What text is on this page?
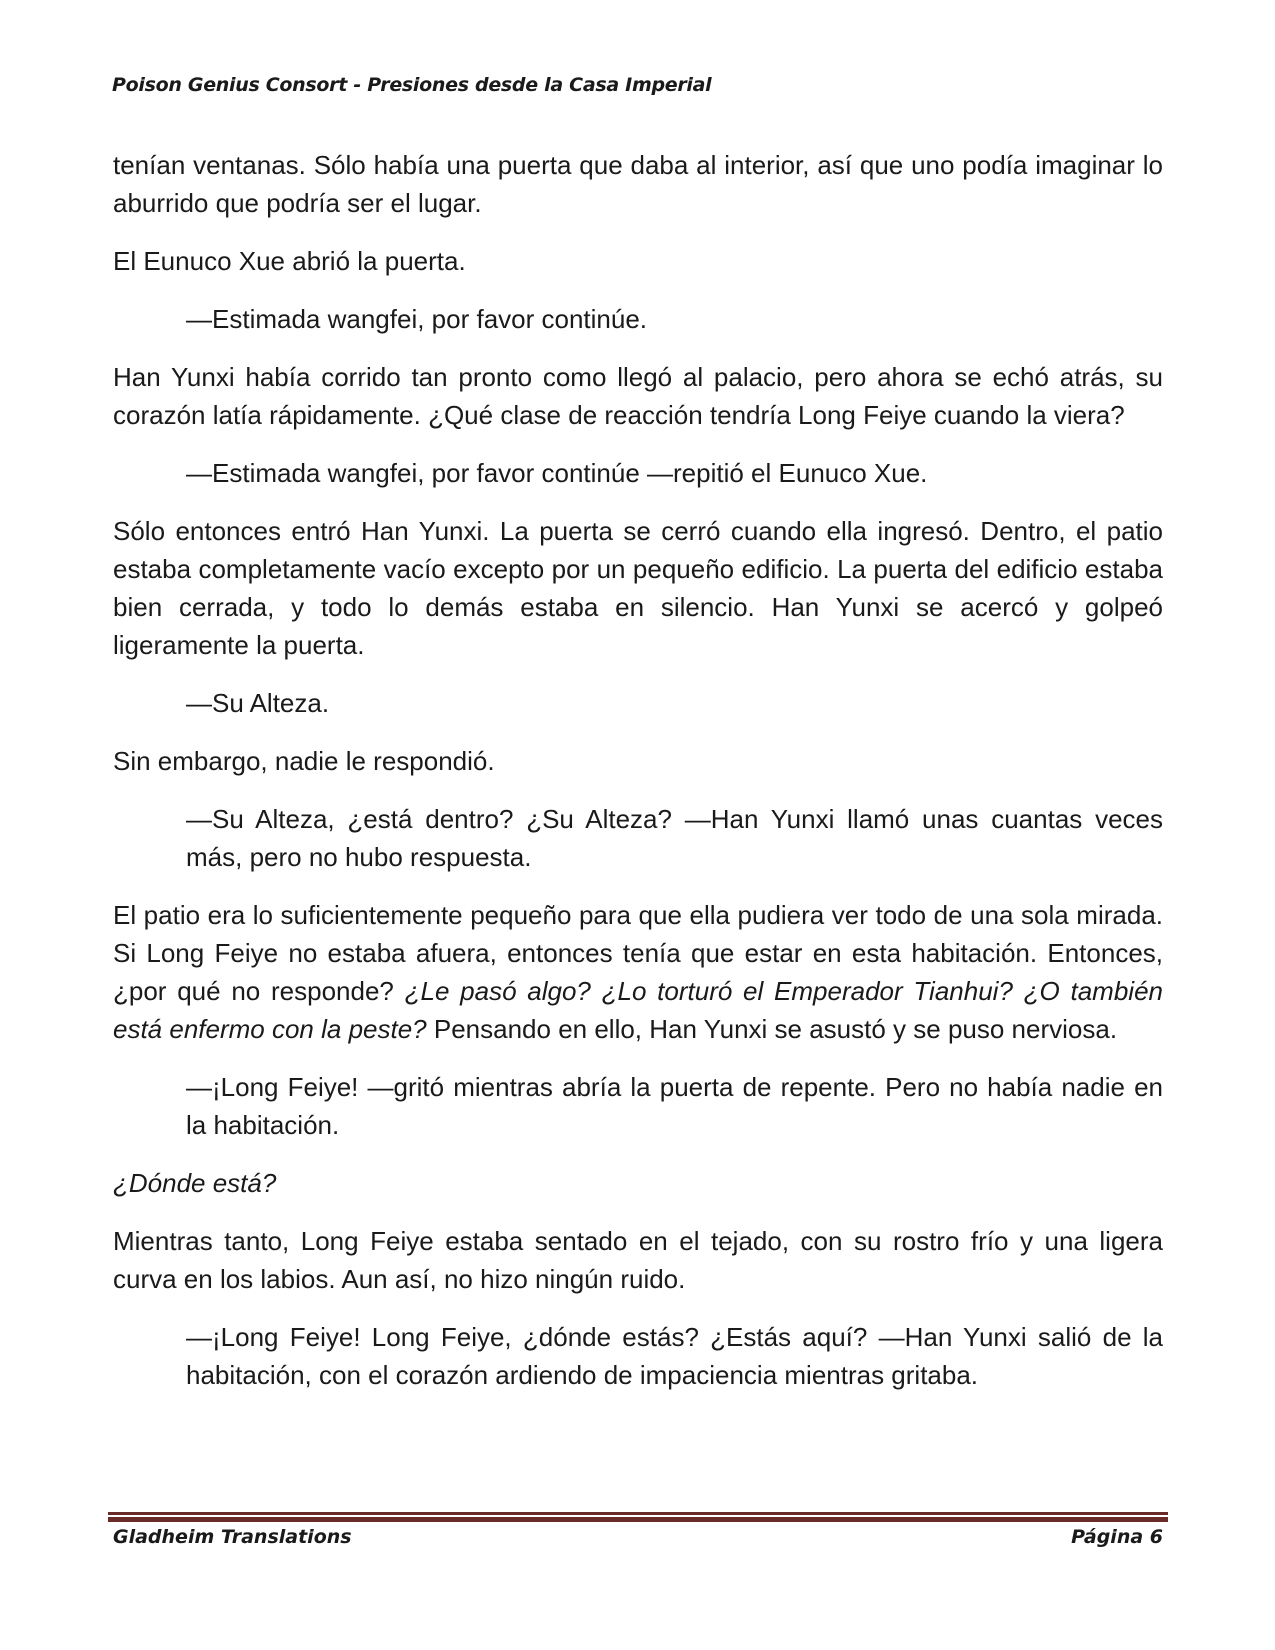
Poison Genius Consort - Presiones desde la Casa Imperial

tenían ventanas. Sólo había una puerta que daba al interior, así que uno podía imaginar lo aburrido que podría ser el lugar.

El Eunuco Xue abrió la puerta.

—Estimada wangfei, por favor continúe.

Han Yunxi había corrido tan pronto como llegó al palacio, pero ahora se echó atrás, su corazón latía rápidamente. ¿Qué clase de reacción tendría Long Feiye cuando la viera?

—Estimada wangfei, por favor continúe —repitió el Eunuco Xue.

Sólo entonces entró Han Yunxi. La puerta se cerró cuando ella ingresó. Dentro, el patio estaba completamente vacío excepto por un pequeño edificio. La puerta del edificio estaba bien cerrada, y todo lo demás estaba en silencio. Han Yunxi se acercó y golpeó ligeramente la puerta.

—Su Alteza.

Sin embargo, nadie le respondió.

—Su Alteza, ¿está dentro? ¿Su Alteza? —Han Yunxi llamó unas cuantas veces más, pero no hubo respuesta.

El patio era lo suficientemente pequeño para que ella pudiera ver todo de una sola mirada. Si Long Feiye no estaba afuera, entonces tenía que estar en esta habitación. Entonces, ¿por qué no responde? ¿Le pasó algo? ¿Lo torturó el Emperador Tianhui? ¿O también está enfermo con la peste? Pensando en ello, Han Yunxi se asustó y se puso nerviosa.

—¡Long Feiye! —gritó mientras abría la puerta de repente. Pero no había nadie en la habitación.

¿Dónde está?

Mientras tanto, Long Feiye estaba sentado en el tejado, con su rostro frío y una ligera curva en los labios. Aun así, no hizo ningún ruido.

—¡Long Feiye! Long Feiye, ¿dónde estás? ¿Estás aquí? —Han Yunxi salió de la habitación, con el corazón ardiendo de impaciencia mientras gritaba.

Gladheim Translations	Página 6
